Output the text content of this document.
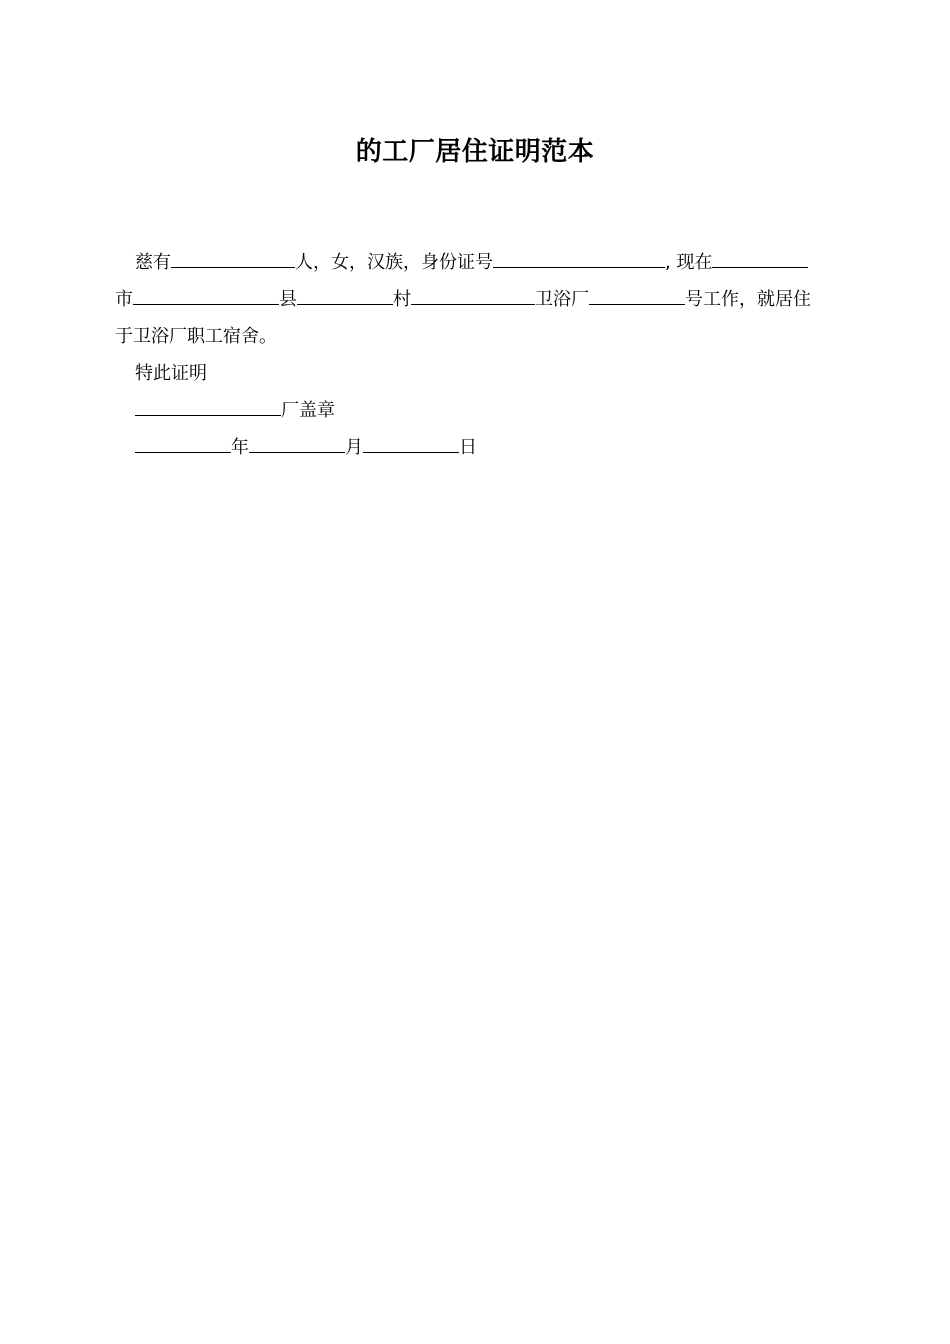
的工厂居住证明范本
慈有	人，女，汉族，身份证号	, 现在
市	县	村	卫浴厂	号工作，就居住
于卫浴厂职工宿舍。
特此证明
厂盖章
年	月	日
